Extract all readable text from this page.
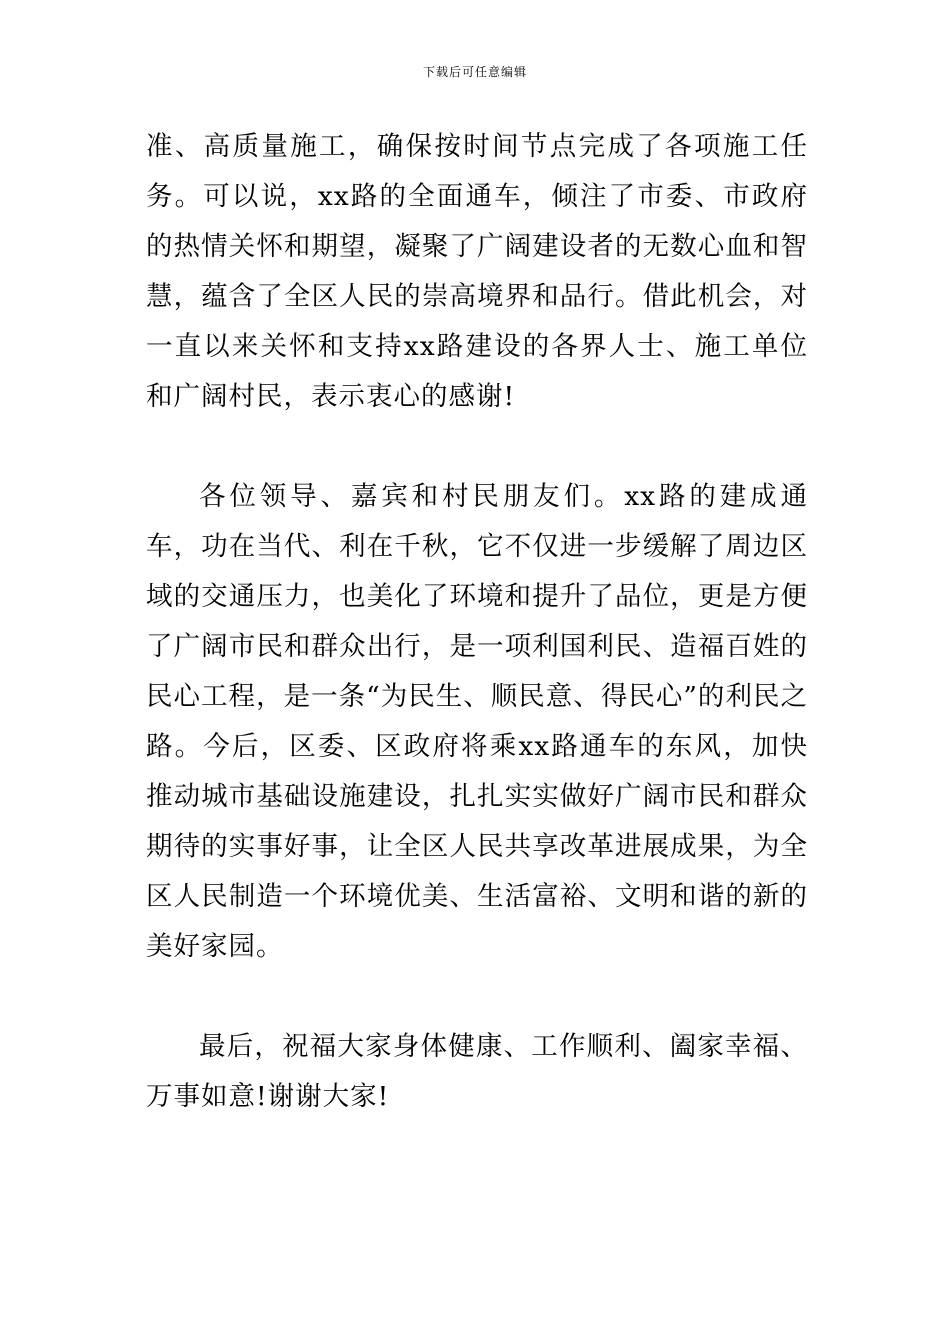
下载后可任意编辑

准、高质量施工，确保按时间节点完成了各项施工任务。可以说，xx路的全面通车，倾注了市委、市政府的热情关怀和期望，凝聚了广阔建设者的无数心血和智慧，蕴含了全区人民的崇高境界和品行。借此机会，对一直以来关怀和支持xx路建设的各界人士、施工单位和广阔村民，表示衷心的感谢!

各位领导、嘉宾和村民朋友们。xx路的建成通车，功在当代、利在千秋，它不仅进一步缓解了周边区域的交通压力，也美化了环境和提升了品位，更是方便了广阔市民和群众出行，是一项利国利民、造福百姓的民心工程，是一条“为民生、顺民意、得民心”的利民之路。今后，区委、区政府将乘xx路通车的东风，加快推动城市基础设施建设，扎扎实实做好广阔市民和群众期待的实事好事，让全区人民共享改革进展成果，为全区人民制造一个环境优美、生活富裕、文明和谐的新的美好家园。

最后，祝福大家身体健康、工作顺利、阖家幸福、万事如意!谢谢大家!
